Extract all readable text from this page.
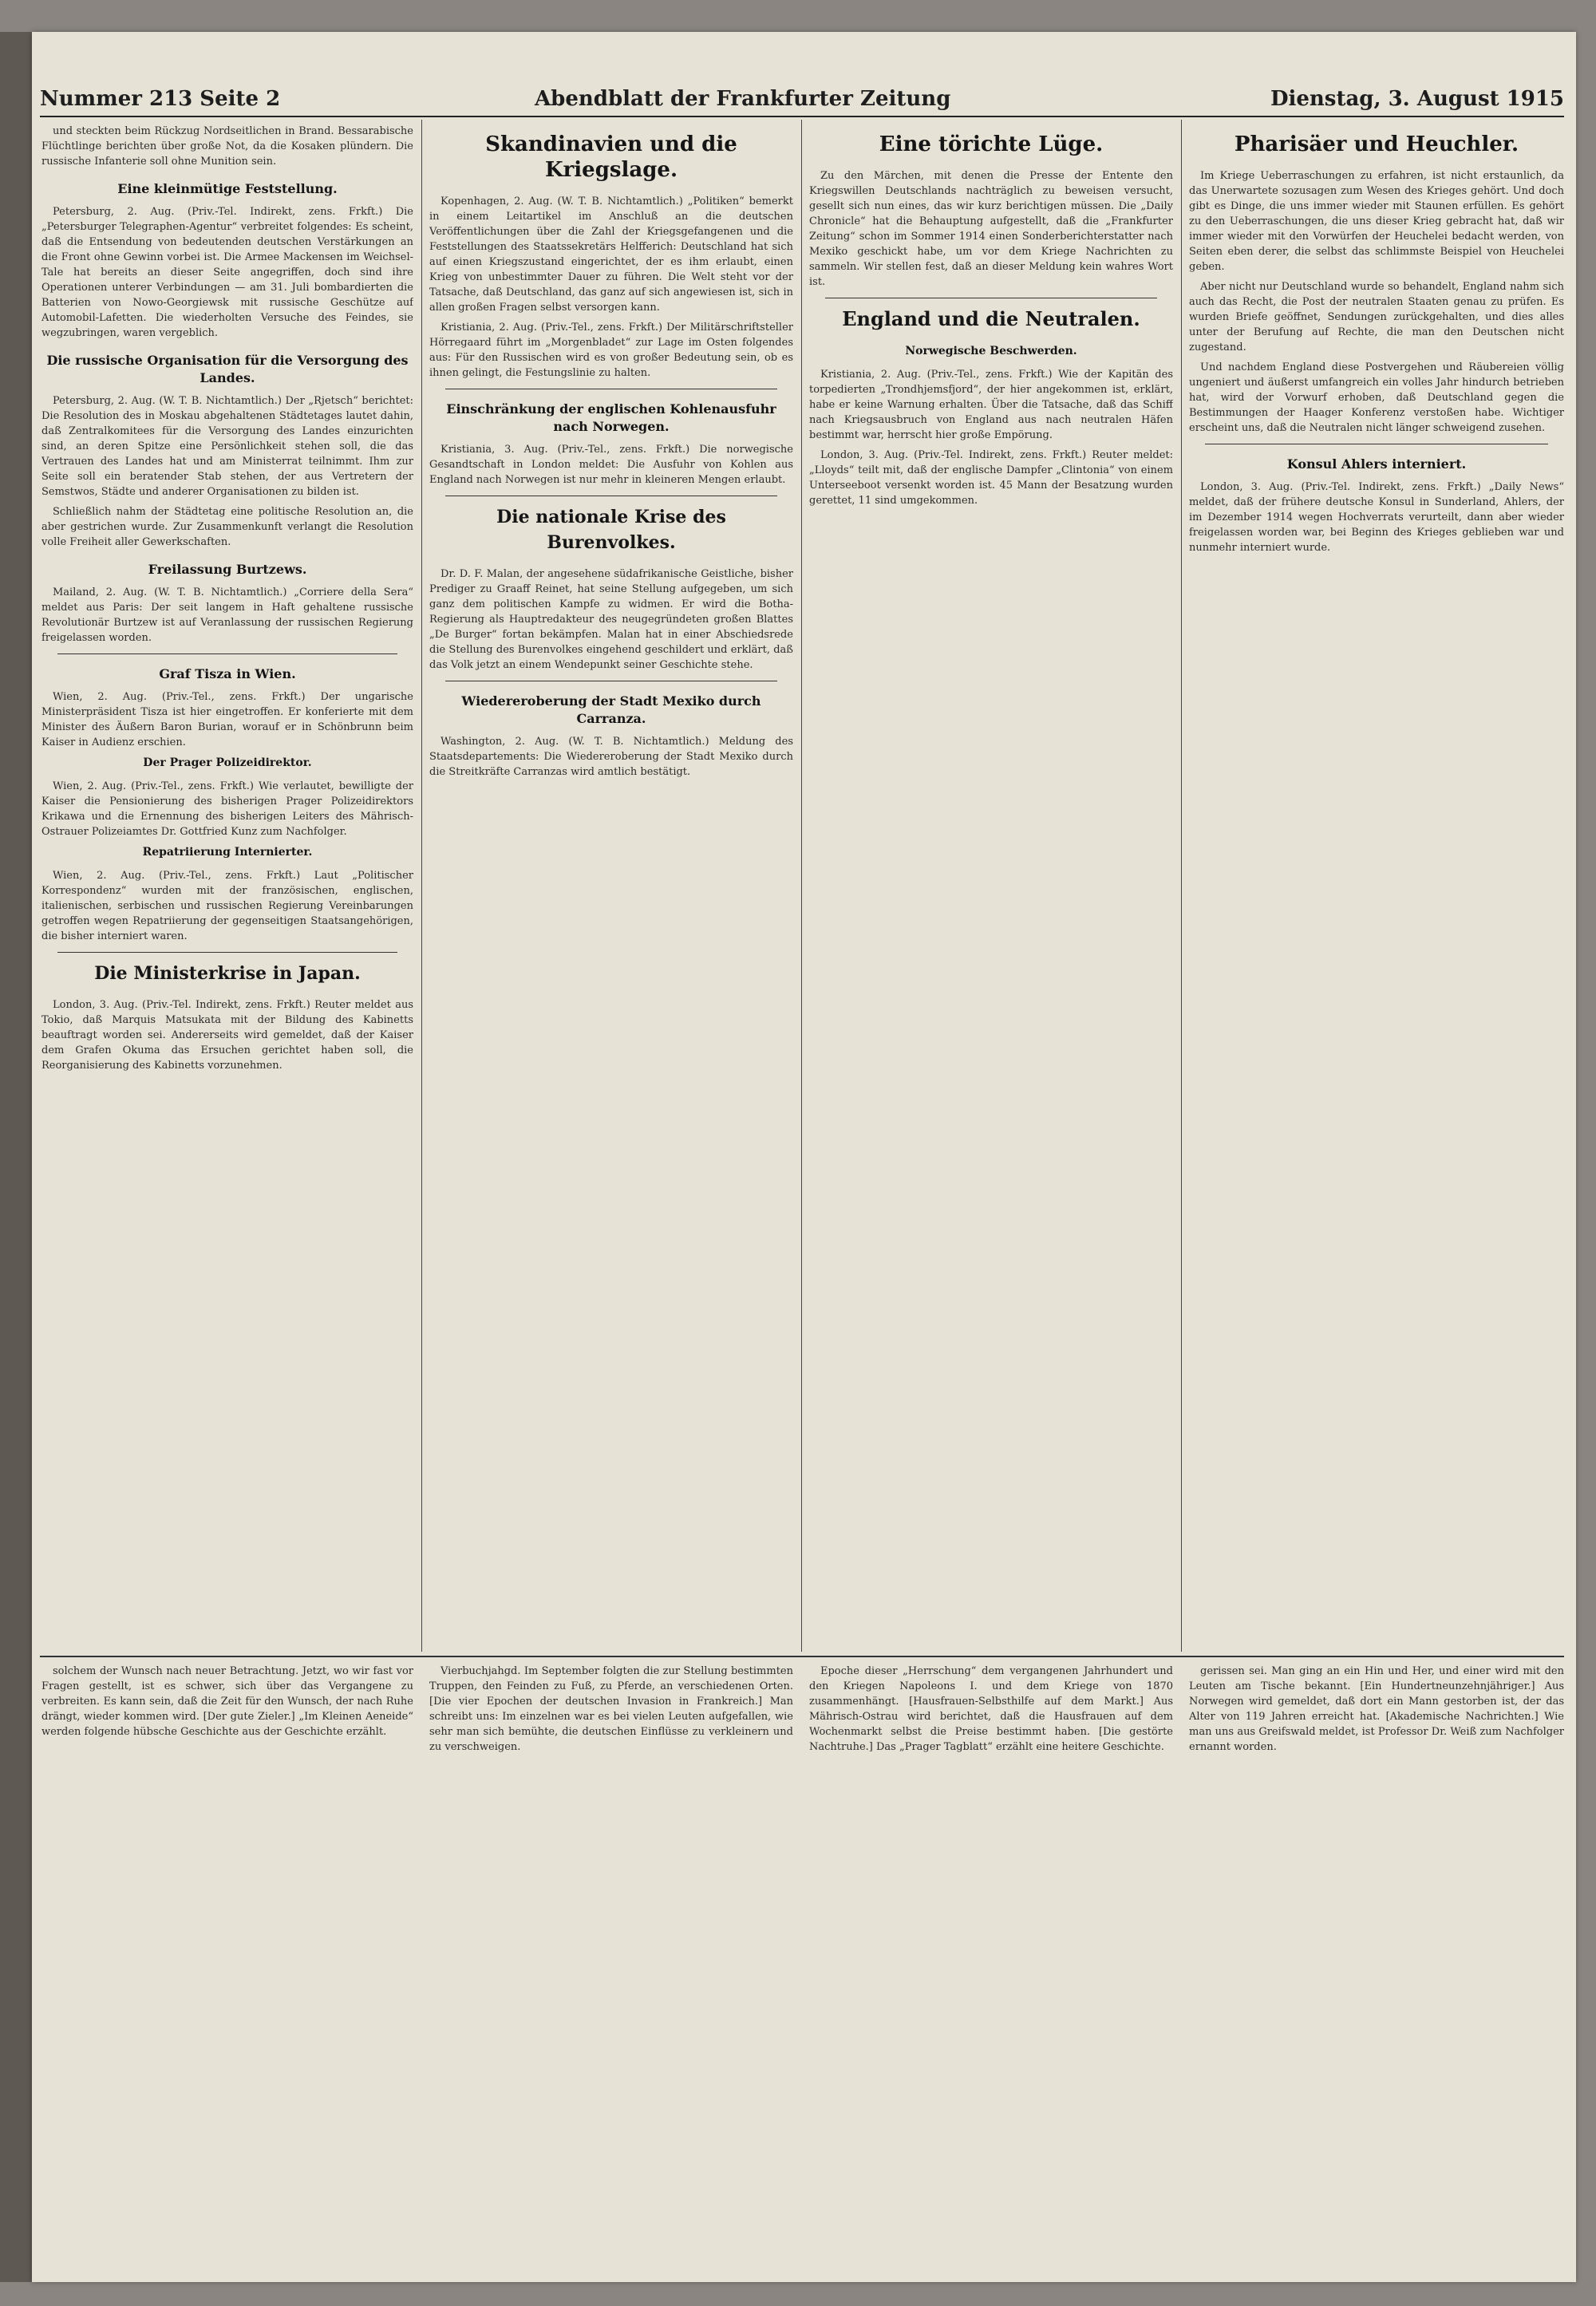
Nummer 213 Seite 2	Abendblatt der Frankfurter Zeitung	Dienstag, 3. August 1915

und steckten beim Rückzug Nordseitlichen in Brand. Bessarabische Flüchtlinge berichten über große Not, da die Kosaken plündern. Die russische Infanterie soll ohne Munition sein.

Eine kleinmütige Feststellung.

Petersburg, 2. Aug. (Priv.-Tel. Indirekt, zens. Frkft.) Die „Petersburger Telegraphen-Agentur“ verbreitet folgendes: Es scheint, daß die Entsendung von bedeutenden deutschen Verstärkungen an die Front ohne Gewinn vorbei ist. Die Armee Mackensen im Weichsel-Tale hat bereits an dieser Seite angegriffen, doch sind ihre Operationen unterer Verbindungen — am 31. Juli bombardierten die Batterien von Nowo-Georgiewsk mit russische Geschütze auf Automobil-Lafetten. Die wiederholten Versuche des Feindes, sie wegzubringen, waren vergeblich.

Die russische Organisation für die Versorgung des Landes.

Petersburg, 2. Aug. (W. T. B. Nichtamtlich.) Der „Rjetsch“ berichtet: Die Resolution des in Moskau abgehaltenen Städtetages lautet dahin, daß Zentralkomitees für die Versorgung des Landes einzurichten sind, an deren Spitze eine Persönlichkeit stehen soll, die das Vertrauen des Landes hat und am Ministerrat teilnimmt. Ihm zur Seite soll ein beratender Stab stehen, der aus Vertretern der Semstwos, Städte und anderer Organisationen zu bilden ist.

Schließlich nahm der Städtetag eine politische Resolution an, die aber gestrichen wurde. Zur Zusammenkunft verlangt die Resolution volle Freiheit aller Gewerkschaften.

Freilassung Burtzews.

Mailand, 2. Aug. (W. T. B. Nichtamtlich.) „Corriere della Sera“ meldet aus Paris: Der seit langem in Haft gehaltene russische Revolutionär Burtzew ist auf Veranlassung der russischen Regierung freigelassen worden.

Graf Tisza in Wien.

Wien, 2. Aug. (Priv.-Tel., zens. Frkft.) Der ungarische Ministerpräsident Tisza ist hier eingetroffen. Er konferierte mit dem Minister des Äußern Baron Burian, worauf er in Schönbrunn beim Kaiser in Audienz erschien.

Der Prager Polizeidirektor.

Wien, 2. Aug. (Priv.-Tel., zens. Frkft.) Wie verlautet, bewilligte der Kaiser die Pensionierung des bisherigen Prager Polizeidirektors Krikawa und die Ernennung des bisherigen Leiters des Mährisch-Ostrauer Polizeiamtes Dr. Gottfried Kunz zum Nachfolger.

Repatriierung Internierter.

Wien, 2. Aug. (Priv.-Tel., zens. Frkft.) Laut „Politischer Korrespondenz“ wurden mit der französischen, englischen, italienischen, serbischen und russischen Regierung Vereinbarungen getroffen wegen Repatriierung der gegenseitigen Staatsangehörigen, die bisher interniert waren.

Die Ministerkrise in Japan.

London, 3. Aug. (Priv.-Tel. Indirekt, zens. Frkft.) Reuter meldet aus Tokio, daß Marquis Matsukata mit der Bildung des Kabinetts beauftragt worden sei. Andererseits wird gemeldet, daß der Kaiser dem Grafen Okuma das Ersuchen gerichtet haben soll, die Reorganisierung des Kabinetts vorzunehmen.

Skandinavien und die Kriegslage.

Kopenhagen, 2. Aug. (W. T. B. Nichtamtlich.) „Politiken“ bemerkt in einem Leitartikel im Anschluß an die deutschen Veröffentlichungen über die Zahl der Kriegsgefangenen und die Feststellungen des Staatssekretärs Helfferich: Deutschland hat sich auf einen Kriegszustand eingerichtet, der es ihm erlaubt, einen Krieg von unbestimmter Dauer zu führen. Die Welt steht vor der Tatsache, daß Deutschland, das ganz auf sich angewiesen ist, sich in allen großen Fragen selbst versorgen kann.

Kristiania, 2. Aug. (Priv.-Tel., zens. Frkft.) Der Militärschriftsteller Hörregaard führt im „Morgenbladet“ zur Lage im Osten folgendes aus: Für den Russischen wird es von großer Bedeutung sein, ob es ihnen gelingt, die Festungslinie zu halten.

Einschränkung der englischen Kohlenausfuhr nach Norwegen.

Kristiania, 3. Aug. (Priv.-Tel., zens. Frkft.) Die norwegische Gesandtschaft in London meldet: Die Ausfuhr von Kohlen aus England nach Norwegen ist nur mehr in kleineren Mengen erlaubt.

Die nationale Krise des Burenvolkes.

Dr. D. F. Malan, der angesehene südafrikanische Geistliche, bisher Prediger zu Graaff Reinet, hat seine Stellung aufgegeben, um sich ganz dem politischen Kampfe zu widmen. Er wird die Botha-Regierung als Hauptredakteur des neugegründeten großen Blattes „De Burger“ fortan bekämpfen. Malan hat in einer Abschiedsrede die Stellung des Burenvolkes eingehend geschildert und erklärt, daß das Volk jetzt an einem Wendepunkt seiner Geschichte stehe.

Wiedereroberung der Stadt Mexiko durch Carranza.

Washington, 2. Aug. (W. T. B. Nichtamtlich.) Meldung des Staatsdepartements: Die Wiedereroberung der Stadt Mexiko durch die Streitkräfte Carranzas wird amtlich bestätigt.

Eine törichte Lüge.

Zu den Märchen, mit denen die Presse der Entente den Kriegswillen Deutschlands nachträglich zu beweisen versucht, gesellt sich nun eines, das wir kurz berichtigen müssen. Die „Daily Chronicle“ hat die Behauptung aufgestellt, daß die „Frankfurter Zeitung“ schon im Sommer 1914 einen Sonderberichterstatter nach Mexiko geschickt habe, um vor dem Kriege Nachrichten zu sammeln. Wir stellen fest, daß an dieser Meldung kein wahres Wort ist.

England und die Neutralen.
Norwegische Beschwerden.

Kristiania, 2. Aug. (Priv.-Tel., zens. Frkft.) Wie der Kapitän des torpedierten „Trondhjemsfjord“, der hier angekommen ist, erklärt, habe er keine Warnung erhalten. Über die Tatsache, daß das Schiff nach Kriegsausbruch von England aus nach neutralen Häfen bestimmt war, herrscht hier große Empörung.

London, 3. Aug. (Priv.-Tel. Indirekt, zens. Frkft.) Reuter meldet: „Lloyds“ teilt mit, daß der englische Dampfer „Clintonia“ von einem Unterseeboot versenkt worden ist. 45 Mann der Besatzung wurden gerettet, 11 sind umgekommen.

Pharisäer und Heuchler.

Im Kriege Ueberraschungen zu erfahren, ist nicht erstaunlich, da das Unerwartete sozusagen zum Wesen des Krieges gehört. Und doch gibt es Dinge, die uns immer wieder mit Staunen erfüllen. Es gehört zu den Ueberraschungen, die uns dieser Krieg gebracht hat, daß wir immer wieder mit den Vorwürfen der Heuchelei bedacht werden, von Seiten eben derer, die selbst das schlimmste Beispiel von Heuchelei geben.

Aber nicht nur Deutschland wurde so behandelt, England nahm sich auch das Recht, die Post der neutralen Staaten genau zu prüfen. Es wurden Briefe geöffnet, Sendungen zurückgehalten, und dies alles unter der Berufung auf Rechte, die man den Deutschen nicht zugestand.

Und nachdem England diese Postvergehen und Räubereien völlig ungeniert und äußerst umfangreich ein volles Jahr hindurch betrieben hat, wird der Vorwurf erhoben, daß Deutschland gegen die Bestimmungen der Haager Konferenz verstoßen habe. Wichtiger erscheint uns, daß die Neutralen nicht länger schweigend zusehen.

Konsul Ahlers interniert.

London, 3. Aug. (Priv.-Tel. Indirekt, zens. Frkft.) „Daily News“ meldet, daß der frühere deutsche Konsul in Sunderland, Ahlers, der im Dezember 1914 wegen Hochverrats verurteilt, dann aber wieder freigelassen worden war, bei Beginn des Krieges geblieben war und nunmehr interniert wurde.

solchem der Wunsch nach neuer Betrachtung. Jetzt, wo wir fast vor Fragen gestellt, ist es schwer, sich über das Vergangene zu verbreiten. Es kann sein, daß die Zeit für den Wunsch, der nach Ruhe drängt, wieder kommen wird. [Der gute Zieler.] „Im Kleinen Aeneide“ werden folgende hübsche Geschichte aus der Geschichte erzählt.

Vierbuchjahgd. Im September folgten die zur Stellung bestimmten Truppen, den Feinden zu Fuß, zu Pferde, an verschiedenen Orten. [Die vier Epochen der deutschen Invasion in Frankreich.] Man schreibt uns: Im einzelnen war es bei vielen Leuten aufgefallen, wie sehr man sich bemühte, die deutschen Einflüsse zu verkleinern und zu verschweigen.

Epoche dieser „Herrschung“ dem vergangenen Jahrhundert und den Kriegen Napoleons I. und dem Kriege von 1870 zusammenhängt. [Hausfrauen-Selbsthilfe auf dem Markt.] Aus Mährisch-Ostrau wird berichtet, daß die Hausfrauen auf dem Wochenmarkt selbst die Preise bestimmt haben. [Die gestörte Nachtruhe.] Das „Prager Tagblatt“ erzählt eine heitere Geschichte.

gerissen sei. Man ging an ein Hin und Her, und einer wird mit den Leuten am Tische bekannt. [Ein Hundertneunzehnjähriger.] Aus Norwegen wird gemeldet, daß dort ein Mann gestorben ist, der das Alter von 119 Jahren erreicht hat. [Akademische Nachrichten.] Wie man uns aus Greifswald meldet, ist Professor Dr. Weiß zum Nachfolger ernannt worden.
